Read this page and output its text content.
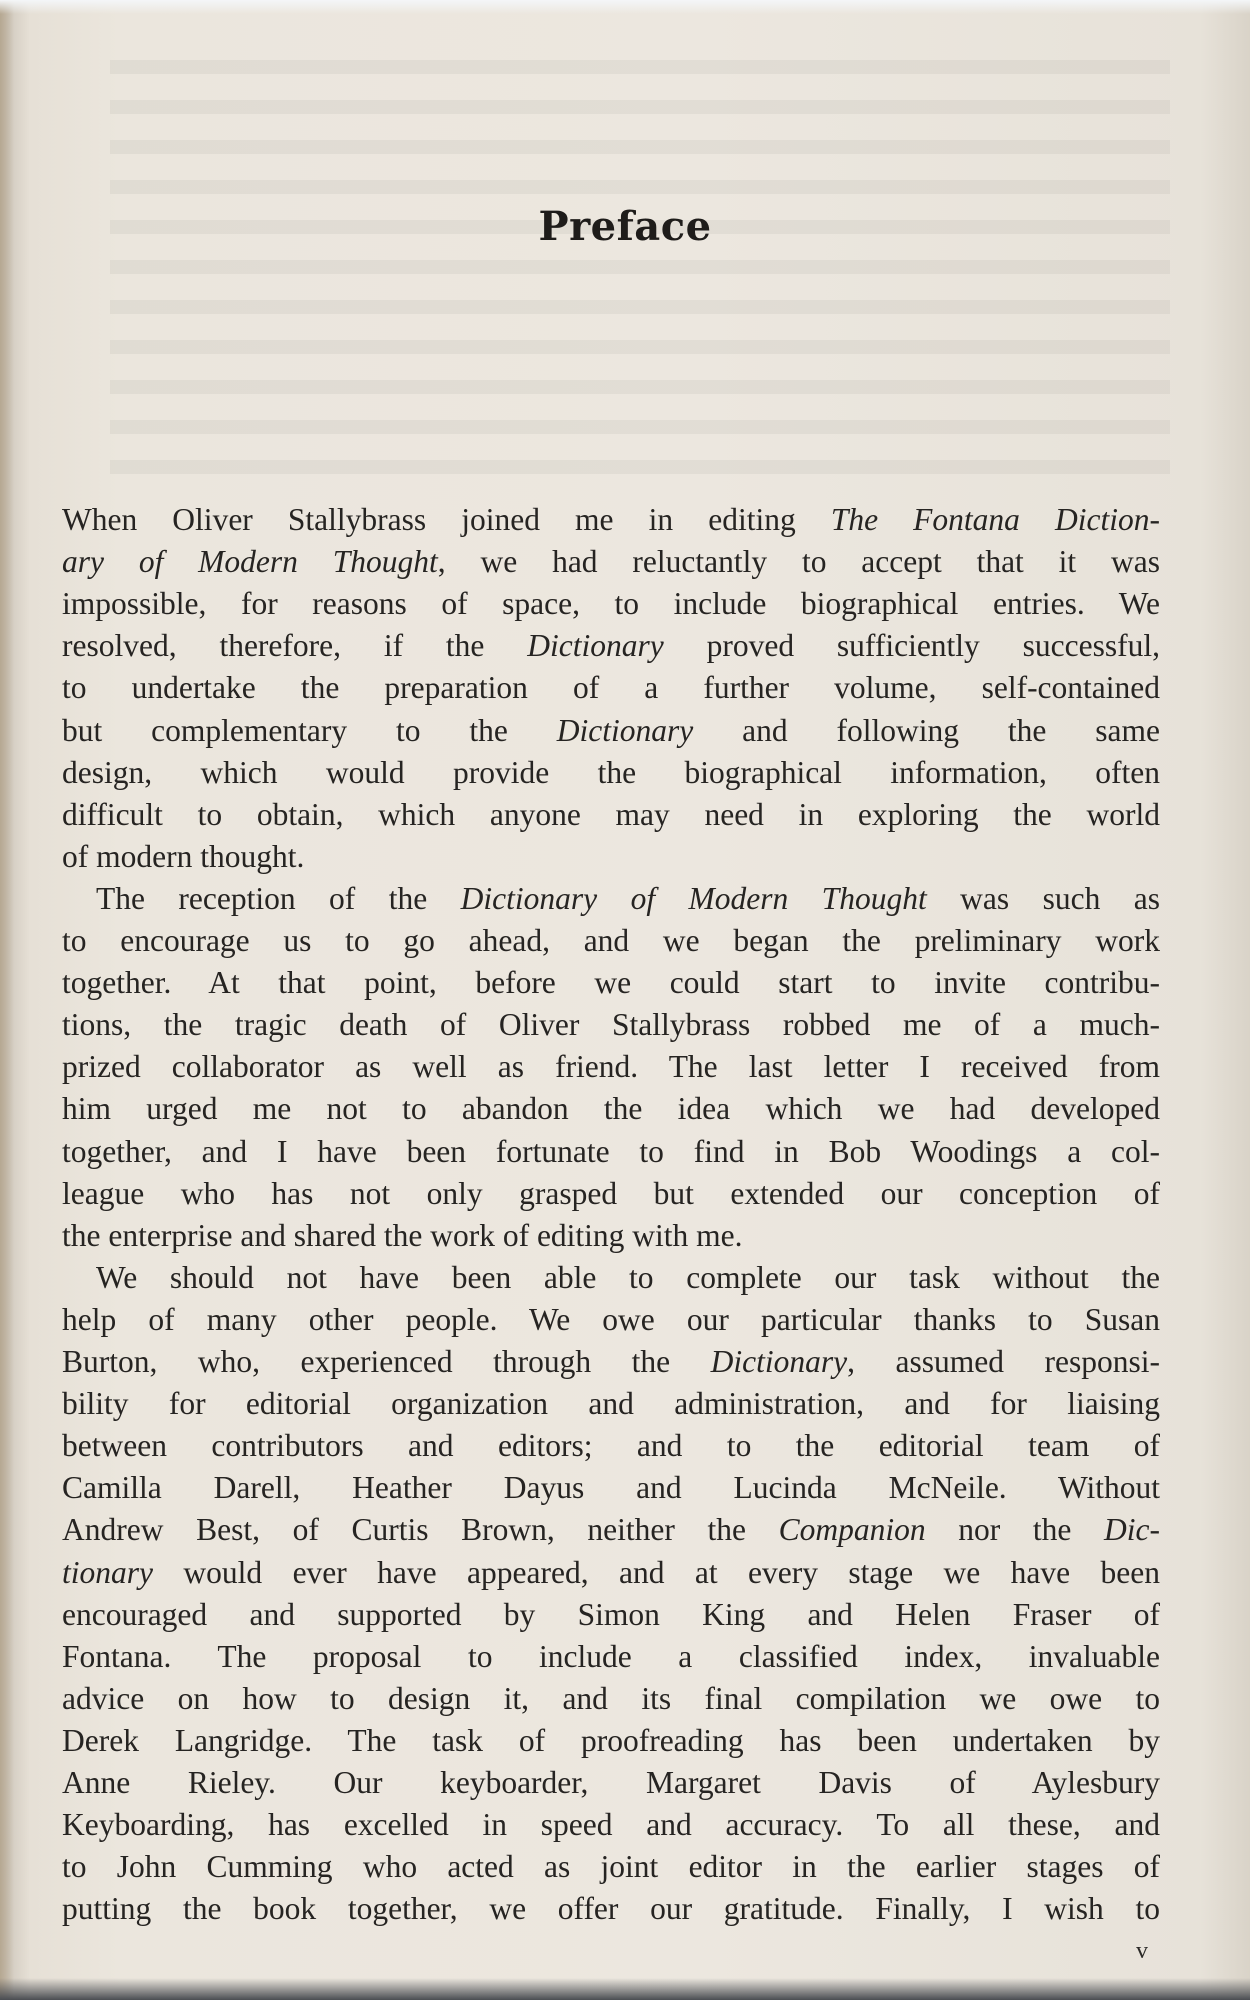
Preface
When Oliver Stallybrass joined me in editing The Fontana Diction-
ary of Modern Thought, we had reluctantly to accept that it was
impossible, for reasons of space, to include biographical entries. We
resolved, therefore, if the Dictionary proved sufficiently successful,
to undertake the preparation of a further volume, self-contained
but complementary to the Dictionary and following the same
design, which would provide the biographical information, often
difficult to obtain, which anyone may need in exploring the world
of modern thought.
The reception of the Dictionary of Modern Thought was such as
to encourage us to go ahead, and we began the preliminary work
together. At that point, before we could start to invite contribu-
tions, the tragic death of Oliver Stallybrass robbed me of a much-
prized collaborator as well as friend. The last letter I received from
him urged me not to abandon the idea which we had developed
together, and I have been fortunate to find in Bob Woodings a col-
league who has not only grasped but extended our conception of
the enterprise and shared the work of editing with me.
We should not have been able to complete our task without the
help of many other people. We owe our particular thanks to Susan
Burton, who, experienced through the Dictionary, assumed responsi-
bility for editorial organization and administration, and for liaising
between contributors and editors; and to the editorial team of
Camilla Darell, Heather Dayus and Lucinda McNeile. Without
Andrew Best, of Curtis Brown, neither the Companion nor the Dic-
tionary would ever have appeared, and at every stage we have been
encouraged and supported by Simon King and Helen Fraser of
Fontana. The proposal to include a classified index, invaluable
advice on how to design it, and its final compilation we owe to
Derek Langridge. The task of proofreading has been undertaken by
Anne Rieley. Our keyboarder, Margaret Davis of Aylesbury
Keyboarding, has excelled in speed and accuracy. To all these, and
to John Cumming who acted as joint editor in the earlier stages of
putting the book together, we offer our gratitude. Finally, I wish to
v
